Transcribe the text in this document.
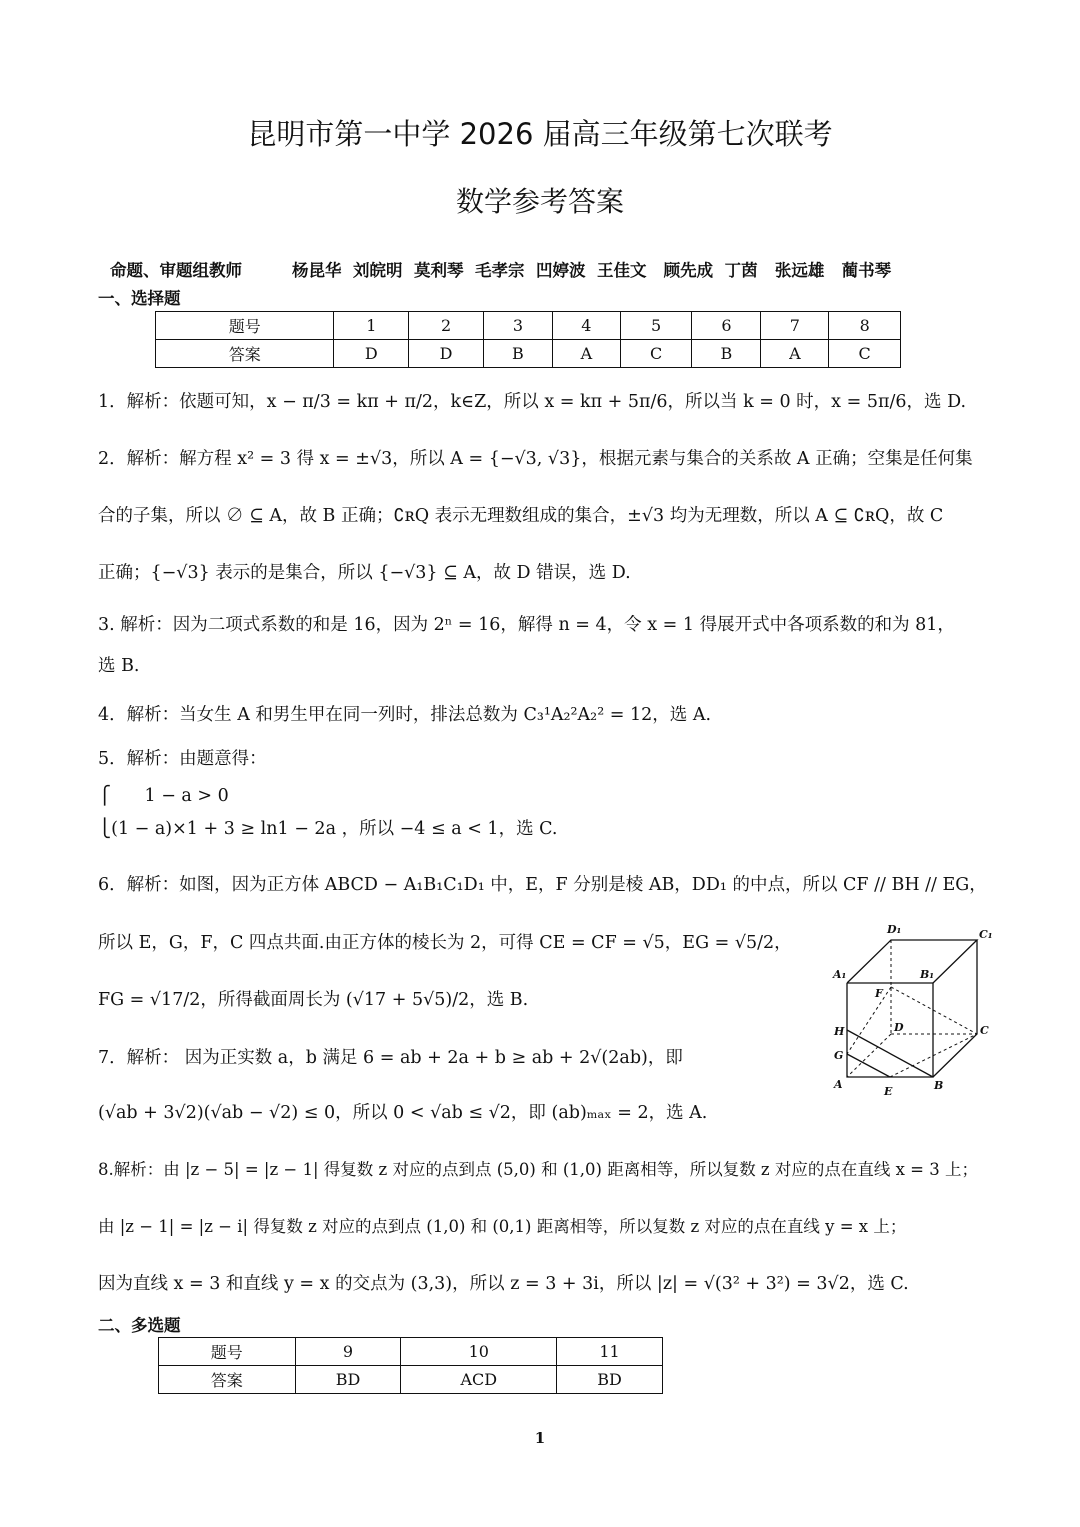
昆明市第一中学 2026 届高三年级第七次联考
数学参考答案
命题、审题组教师	杨昆华  刘皖明  莫利琴  毛孝宗  凹婷波  王佳文   顾先成  丁茵   张远雄   蔺书琴
一、选择题
题号	1	2	3	4	5	6	7	8
答案	D	D	B	A	C	B	A	C
1．解析：依题可知，x − π/3 = kπ + π/2，k∈Z，所以 x = kπ + 5π/6，所以当 k = 0 时，x = 5π/6，选 D.
2．解析：解方程 x² = 3 得 x = ±√3，所以 A = {−√3, √3}，根据元素与集合的关系故 A 正确；空集是任何集
合的子集，所以 ∅ ⊆ A，故 B 正确；∁ʀQ 表示无理数组成的集合，±√3 均为无理数，所以 A ⊆ ∁ʀQ，故 C
正确；{−√3} 表示的是集合，所以 {−√3} ⊆ A，故 D 错误，选 D.
3. 解析：因为二项式系数的和是 16，因为 2ⁿ = 16，解得 n = 4，令 x = 1 得展开式中各项系数的和为 81，
选 B.
4．解析：当女生 A 和男生甲在同一列时，排法总数为 C₃¹A₂²A₂² = 12，选 A.
5．解析：由题意得：
⎧      1 − a > 0
⎩(1 − a)×1 + 3 ≥ ln1 − 2a ，所以 −4 ≤ a < 1，选 C.
6．解析：如图，因为正方体 ABCD − A₁B₁C₁D₁ 中，E，F 分别是棱 AB，DD₁ 的中点，所以 CF // BH // EG，
所以 E，G，F，C 四点共面.由正方体的棱长为 2，可得 CE = CF = √5，EG = √5/2，
FG = √17/2，所得截面周长为 (√17 + 5√5)/2，选 B.
7．解析： 因为正实数 a，b 满足 6 = ab + 2a + b ≥ ab + 2√(2ab)，即
(√ab + 3√2)(√ab − √2) ≤ 0，所以 0 < √ab ≤ √2，即 (ab)ₘₐₓ = 2，选 A.
8.解析：由 |z − 5| = |z − 1| 得复数 z 对应的点到点 (5,0) 和 (1,0) 距离相等，所以复数 z 对应的点在直线 x = 3 上；
由 |z − 1| = |z − i| 得复数 z 对应的点到点 (1,0) 和 (0,1) 距离相等，所以复数 z 对应的点在直线 y = x 上；
因为直线 x = 3 和直线 y = x 的交点为 (3,3)，所以 z = 3 + 3i，所以 |z| = √(3² + 3²) = 3√2，选 C.
D₁	C₁
A₁	B₁
F
D	C
H
G
A
E	B
二、多选题
题号	9	10	11
答案	BD	ACD	BD
1
